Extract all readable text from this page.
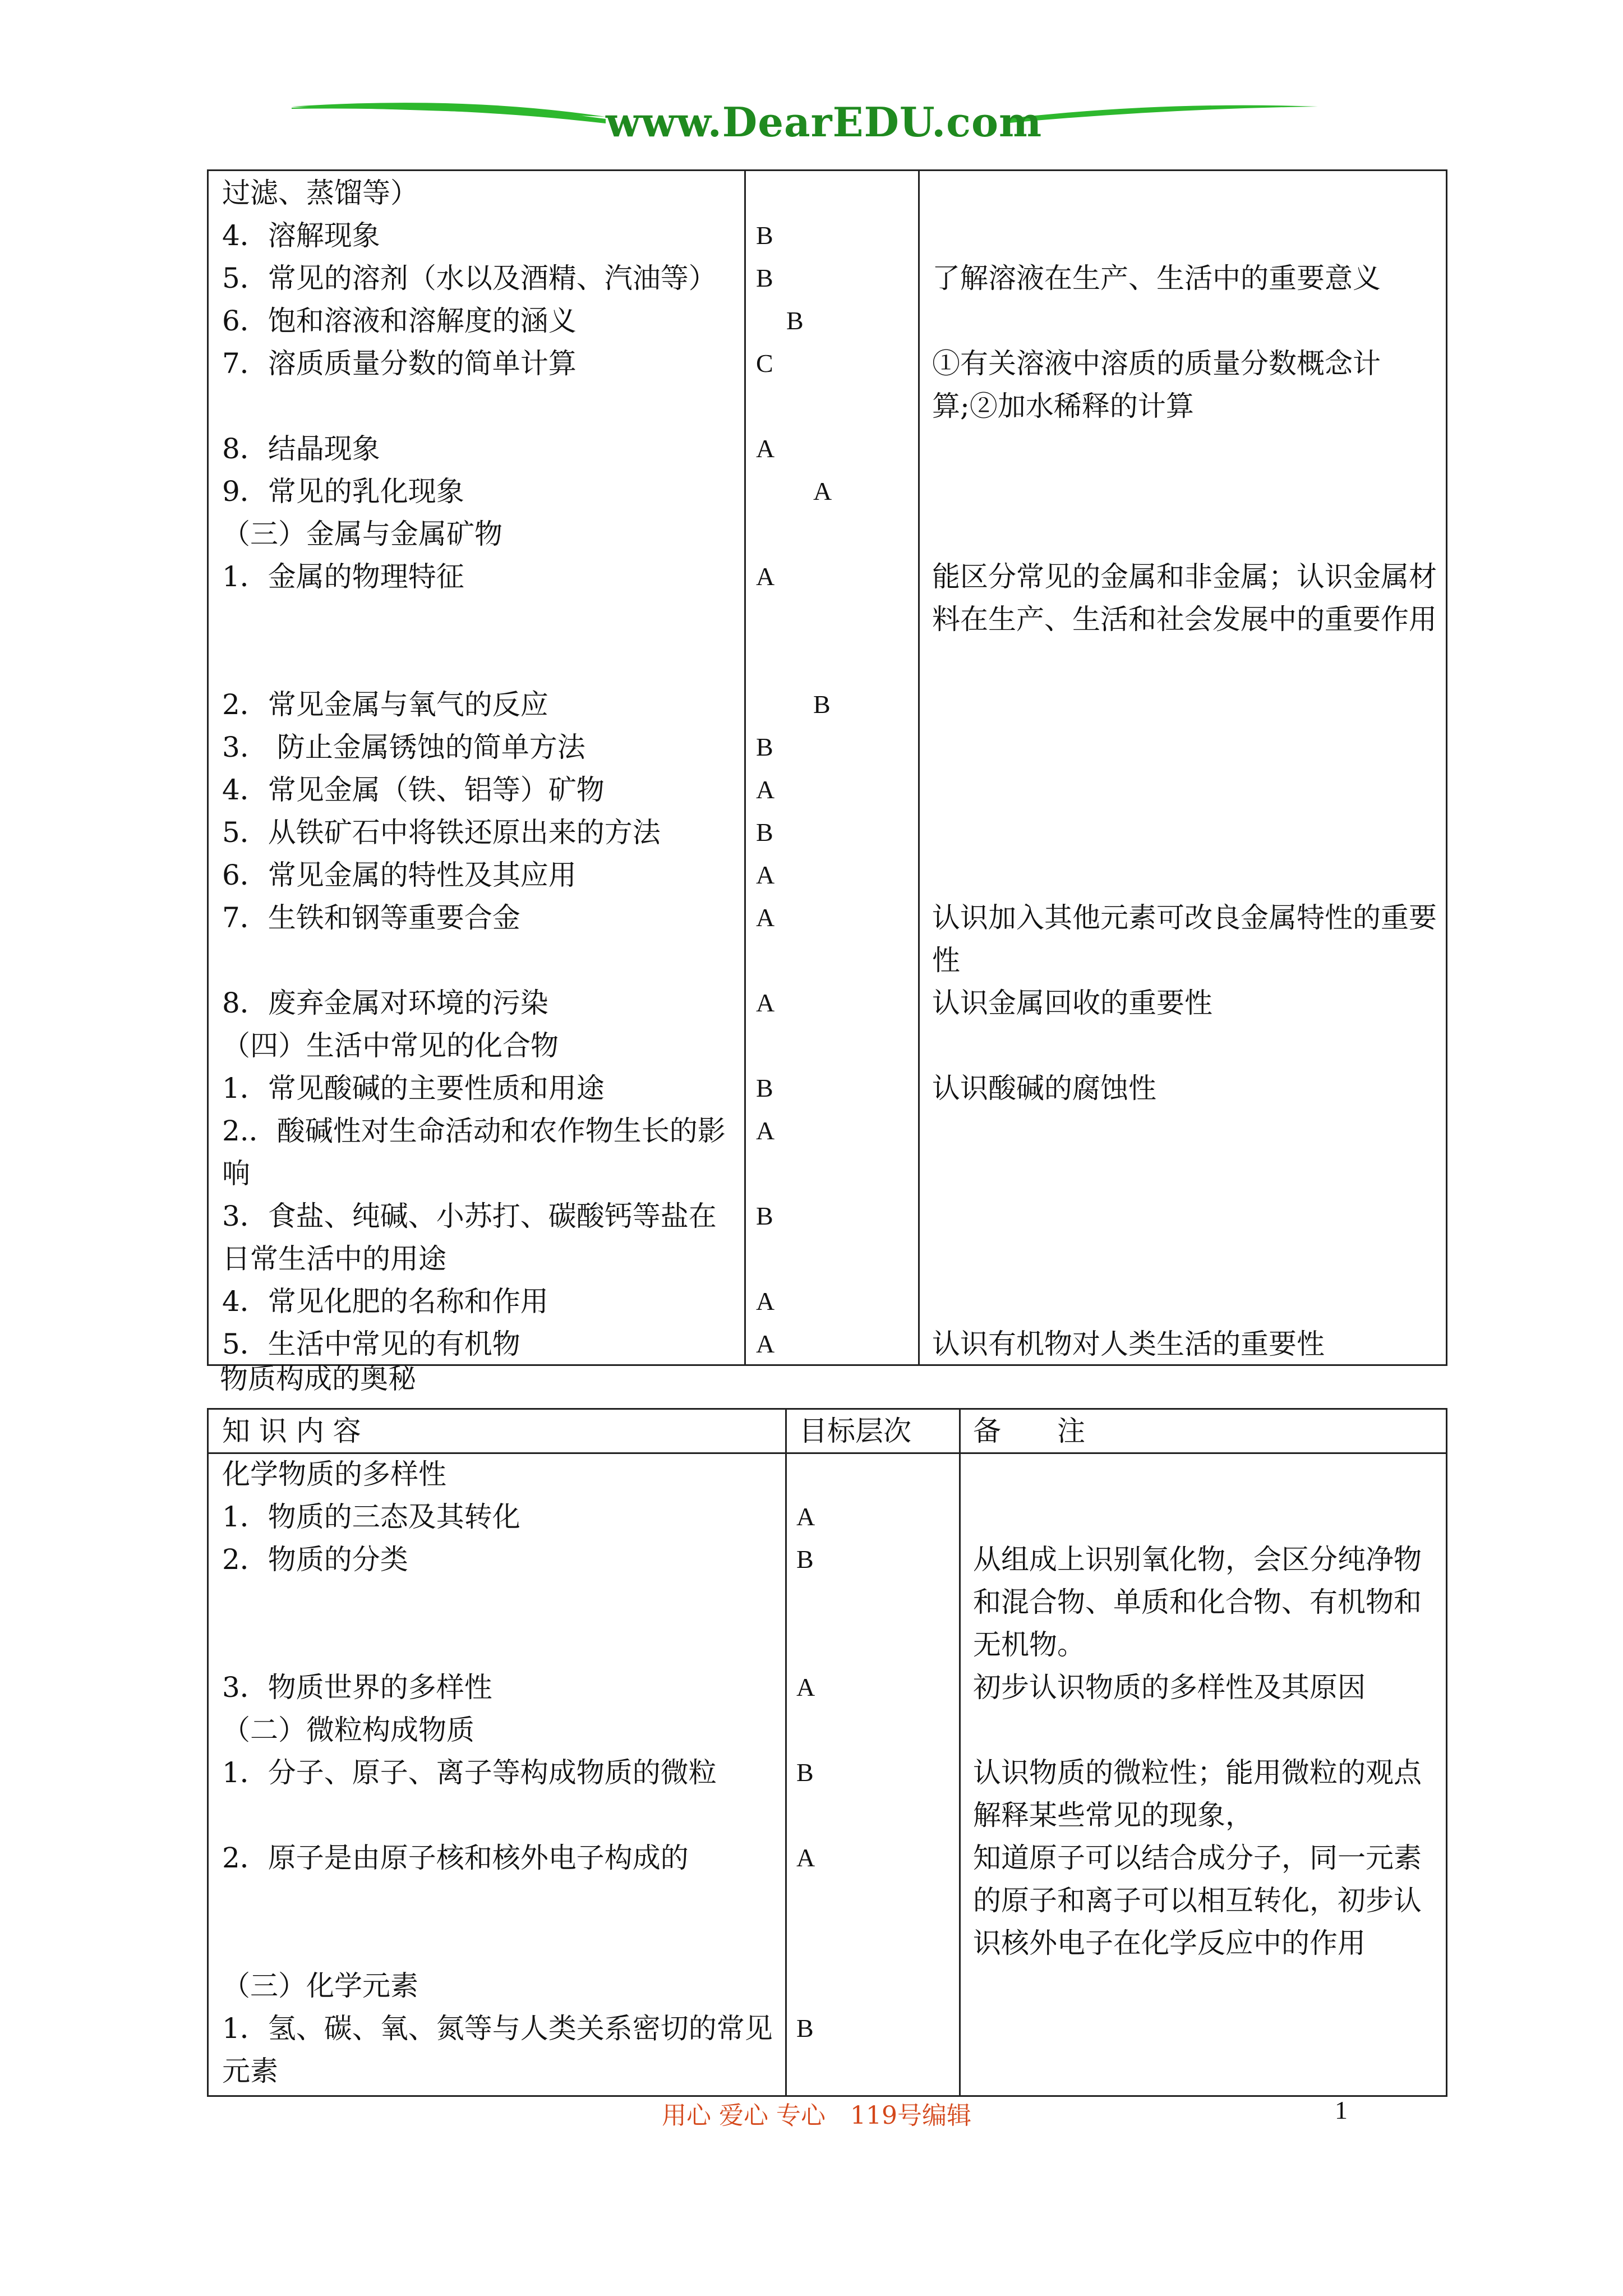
www.DearEDU.com
过滤、蒸馏等）
4．溶解现象
5．常见的溶剂（水以及酒精、汽油等）
6．饱和溶液和溶解度的涵义
7．溶质质量分数的简单计算
8．结晶现象
9．常见的乳化现象
（三）金属与金属矿物
1．金属的物理特征
2．常见金属与氧气的反应
3.　防止金属锈蚀的简单方法
4．常见金属（铁、铝等）矿物
5．从铁矿石中将铁还原出来的方法
6．常见金属的特性及其应用
7．生铁和钢等重要合金
8．废弃金属对环境的污染
（四）生活中常见的化合物
1．常见酸碱的主要性质和用途
2.．酸碱性对生命活动和农作物生长的影响
3．食盐、纯碱、小苏打、碳酸钙等盐在日常生活中的用途
4．常见化肥的名称和作用
5．生活中常见的有机物
B
B
B
C
A
A
A
B
B
A
B
A
A
A
B
A
B
A
A
了解溶液在生产、生活中的重要意义
①有关溶液中溶质的质量分数概念计算;②加水稀释的计算
能区分常见的金属和非金属；认识金属材料在生产、生活和社会发展中的重要作用
认识加入其他元素可改良金属特性的重要性
认识金属回收的重要性
认识酸碱的腐蚀性
认识有机物对人类生活的重要性
物质构成的奥秘
知 识 内 容	目标层次 备　　注
化学物质的多样性
1．物质的三态及其转化
2．物质的分类
3．物质世界的多样性
（二）微粒构成物质
1．分子、原子、离子等构成物质的微粒
2．原子是由原子核和核外电子构成的
（三）化学元素
1．氢、碳、氧、氮等与人类关系密切的常见元素
A
B
A
B
A
B
从组成上识别氧化物，会区分纯净物和混合物、单质和化合物、有机物和无机物。
初步认识物质的多样性及其原因
认识物质的微粒性；能用微粒的观点解释某些常见的现象，
知道原子可以结合成分子，同一元素的原子和离子可以相互转化，初步认识核外电子在化学反应中的作用
用心 爱心 专心　119号编辑	1
